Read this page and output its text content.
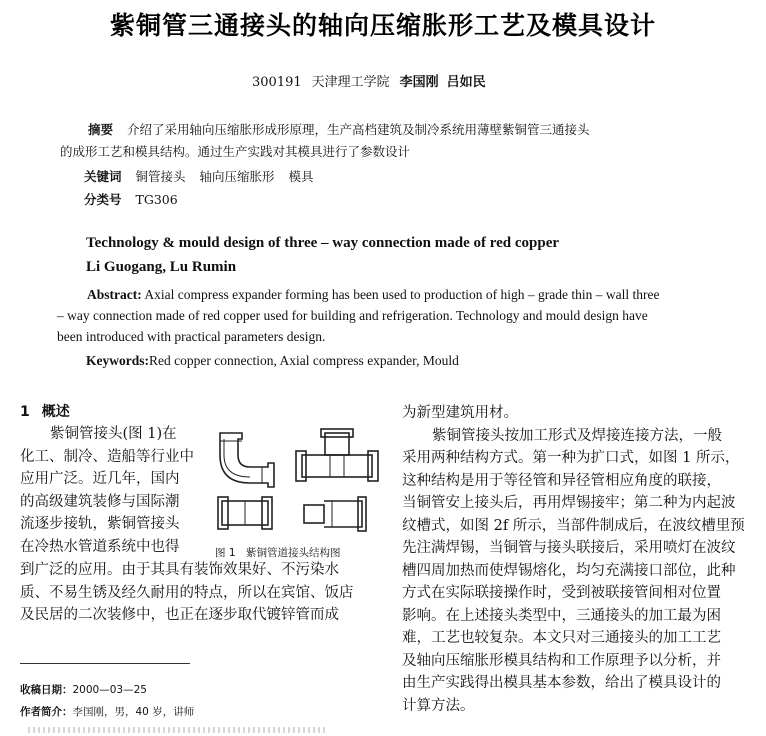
紫铜管三通接头的轴向压缩胀形工艺及模具设计
300191 天津理工学院 李国刚 吕如民
摘要 介绍了采用轴向压缩胀形成形原理，生产高档建筑及制冷系统用薄壁紫铜管三通接头
的成形工艺和模具结构。通过生产实践对其模具进行了参数设计
关键词 铜管接头 轴向压缩胀形 模具
分类号 TG306
Technology & mould design of three – way connection made of red copper
Li Guogang, Lu Rumin

Abstract: Axial compress expander forming has been used to production of high – grade thin – wall three

– way connection made of red copper used for building and refrigeration. Technology and mould design have

been introduced with practical parameters design.

Keywords:Red copper connection, Axial compress expander, Mould
1 概述

紫铜管接头(图 1)在

化工、制冷、造船等行业中
应用广泛。近几年，国内
的高级建筑装修与国际潮
流逐步接轨，紫铜管接头
在冷热水管道系统中也得	图 1　紫铜管道接头结构图

到广泛的应用。由于其具有装饰效果好、不污染水

质、不易生锈及经久耐用的特点，所以在宾馆、饭店

及民居的二次装修中，也正在逐步取代镀锌管而成

收稿日期：2000—03—25
作者简介：李国刚，男，40 岁，讲师

为新型建筑用材。

紫铜管接头按加工形式及焊接连接方法，一般

采用两种结构方式。第一种为扩口式，如图 1 所示，

这种结构是用于等径管和异径管相应角度的联接，

当铜管安上接头后，再用焊锡接牢；第二种为内起波

纹槽式，如图 2f 所示，当部件制成后，在波纹槽里预

先注满焊锡，当铜管与接头联接后，采用喷灯在波纹

槽四周加热而使焊锡熔化，均匀充满接口部位，此种

方式在实际联接操作时，受到被联接管间相对位置

影响。在上述接头类型中，三通接头的加工最为困

难，工艺也较复杂。本文只对三通接头的加工工艺

及轴向压缩胀形模具结构和工作原理予以分析，并

由生产实践得出模具基本参数，给出了模具设计的

计算方法。
